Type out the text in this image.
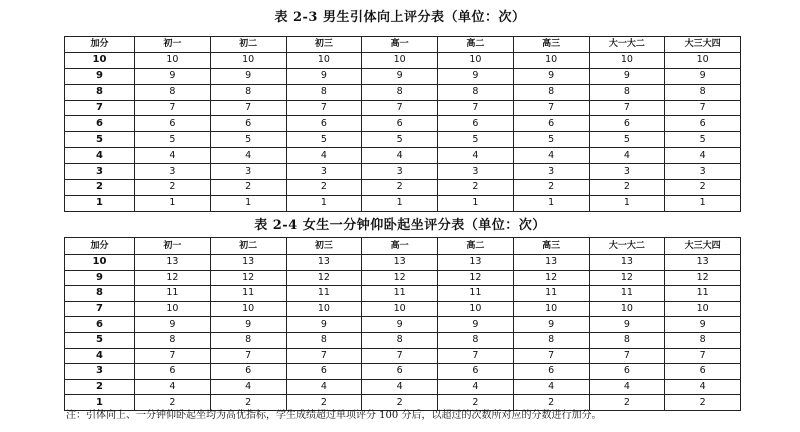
表 2-3 男生引体向上评分表（单位：次）
加分	初一	初二	初三	高一	高二	高三	大一大二	大三大四
10	10	10	10	10	10	10	10	10
9	9	9	9	9	9	9	9	9
8	8	8	8	8	8	8	8	8
7	7	7	7	7	7	7	7	7
6	6	6	6	6	6	6	6	6
5	5	5	5	5	5	5	5	5
4	4	4	4	4	4	4	4	4
3	3	3	3	3	3	3	3	3
2	2	2	2	2	2	2	2	2
1	1	1	1	1	1	1	1	1
表 2-4 女生一分钟仰卧起坐评分表（单位：次）
加分	初一	初二	初三	高一	高二	高三	大一大二	大三大四
10	13	13	13	13	13	13	13	13
9	12	12	12	12	12	12	12	12
8	11	11	11	11	11	11	11	11
7	10	10	10	10	10	10	10	10
6	9	9	9	9	9	9	9	9
5	8	8	8	8	8	8	8	8
4	7	7	7	7	7	7	7	7
3	6	6	6	6	6	6	6	6
2	4	4	4	4	4	4	4	4
1	2	2	2	2	2	2	2	2
注：引体向上、一分钟仰卧起坐均为高优指标，学生成绩超过单项评分 100 分后，以超过的次数所对应的分数进行加分。
